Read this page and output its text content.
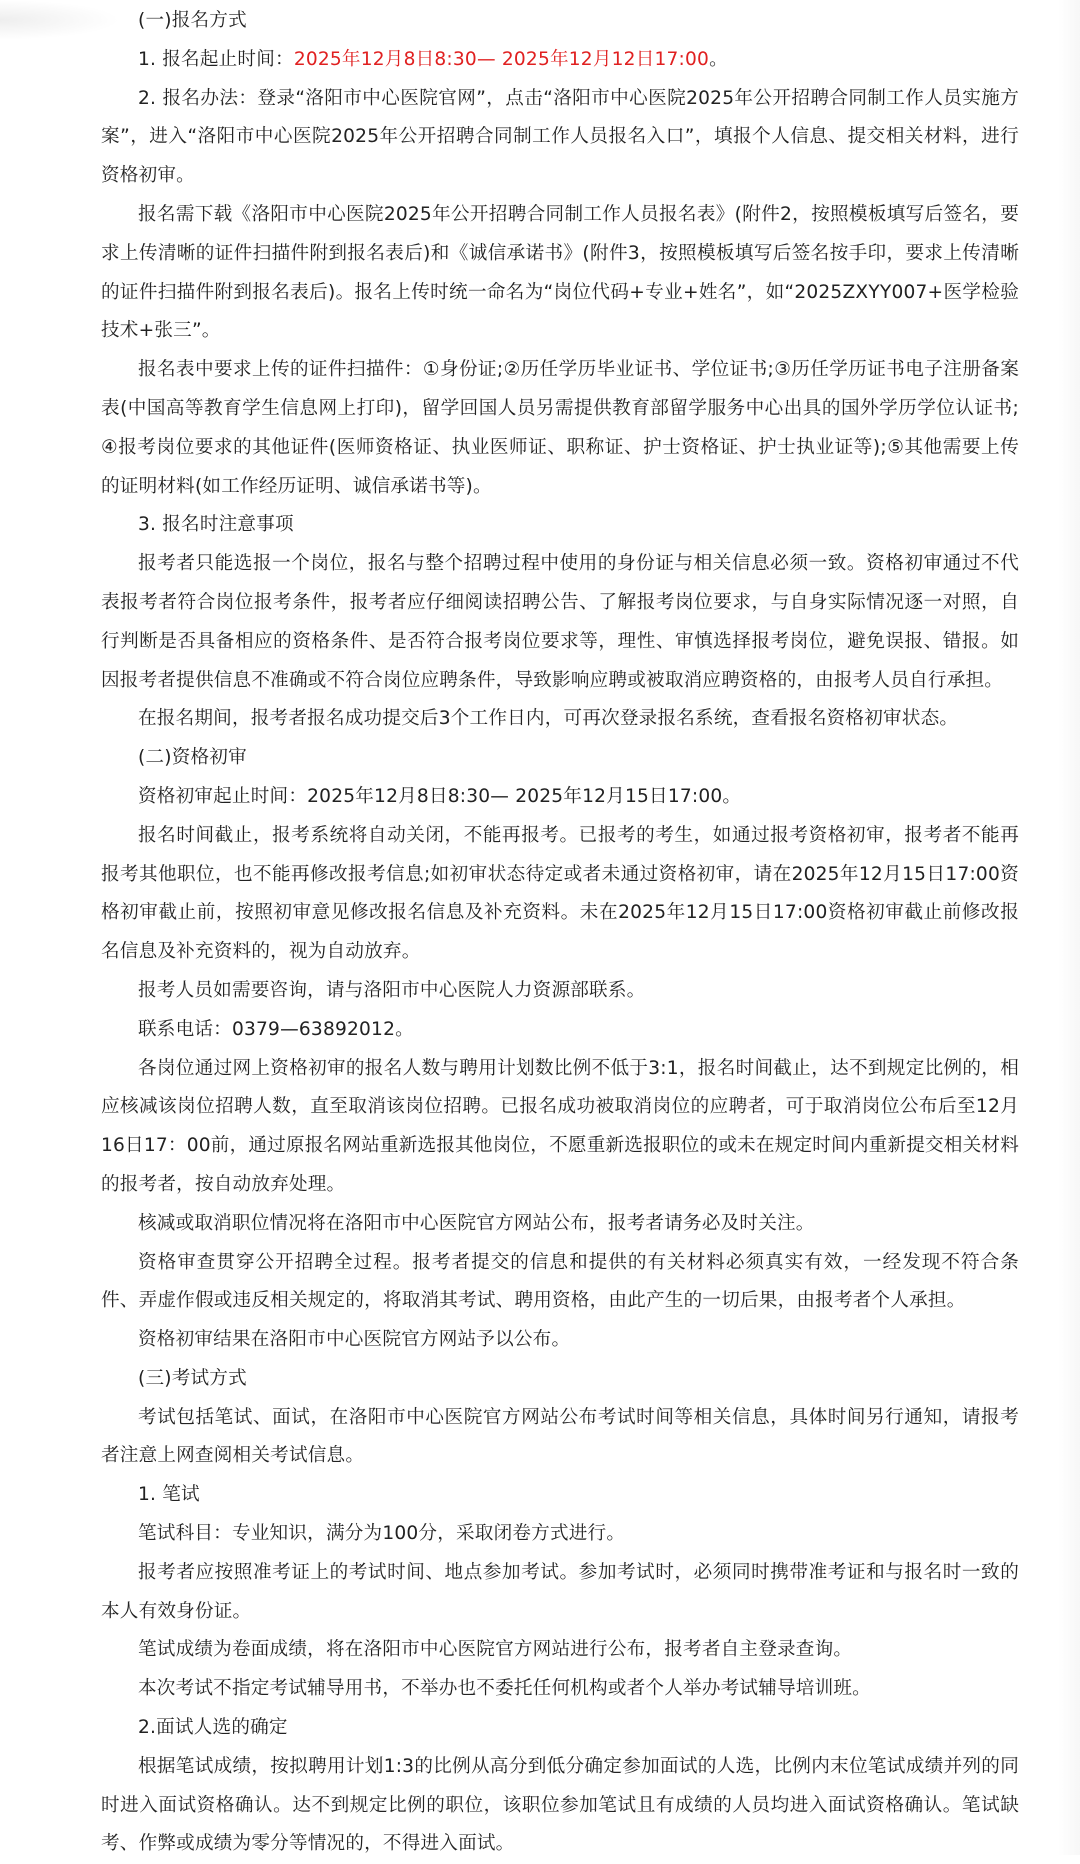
(一)报名方式

1. 报名起止时间：2025年12月8日8:30— 2025年12月12日17:00。

2. 报名办法：登录“洛阳市中心医院官网”，点击“洛阳市中心医院2025年公开招聘合同制工作人员实施方案”，进入“洛阳市中心医院2025年公开招聘合同制工作人员报名入口”，填报个人信息、提交相关材料，进行资格初审。

报名需下载《洛阳市中心医院2025年公开招聘合同制工作人员报名表》(附件2，按照模板填写后签名，要求上传清晰的证件扫描件附到报名表后)和《诚信承诺书》(附件3，按照模板填写后签名按手印，要求上传清晰的证件扫描件附到报名表后)。报名上传时统一命名为“岗位代码+专业+姓名”，如“2025ZXYY007+医学检验技术+张三”。

报名表中要求上传的证件扫描件：①身份证;②历任学历毕业证书、学位证书;③历任学历证书电子注册备案表(中国高等教育学生信息网上打印)，留学回国人员另需提供教育部留学服务中心出具的国外学历学位认证书;④报考岗位要求的其他证件(医师资格证、执业医师证、职称证、护士资格证、护士执业证等);⑤其他需要上传的证明材料(如工作经历证明、诚信承诺书等)。

3. 报名时注意事项

报考者只能选报一个岗位，报名与整个招聘过程中使用的身份证与相关信息必须一致。资格初审通过不代表报考者符合岗位报考条件，报考者应仔细阅读招聘公告、了解报考岗位要求，与自身实际情况逐一对照，自行判断是否具备相应的资格条件、是否符合报考岗位要求等，理性、审慎选择报考岗位，避免误报、错报。如因报考者提供信息不准确或不符合岗位应聘条件，导致影响应聘或被取消应聘资格的，由报考人员自行承担。

在报名期间，报考者报名成功提交后3个工作日内，可再次登录报名系统，查看报名资格初审状态。

(二)资格初审

资格初审起止时间：2025年12月8日8:30— 2025年12月15日17:00。

报名时间截止，报考系统将自动关闭，不能再报考。已报考的考生，如通过报考资格初审，报考者不能再报考其他职位，也不能再修改报考信息;如初审状态待定或者未通过资格初审，请在2025年12月15日17:00资格初审截止前，按照初审意见修改报名信息及补充资料。未在2025年12月15日17:00资格初审截止前修改报名信息及补充资料的，视为自动放弃。

报考人员如需要咨询，请与洛阳市中心医院人力资源部联系。

联系电话：0379—63892012。

各岗位通过网上资格初审的报名人数与聘用计划数比例不低于3:1，报名时间截止，达不到规定比例的，相应核减该岗位招聘人数，直至取消该岗位招聘。已报名成功被取消岗位的应聘者，可于取消岗位公布后至12月16日17：00前，通过原报名网站重新选报其他岗位，不愿重新选报职位的或未在规定时间内重新提交相关材料的报考者，按自动放弃处理。

核减或取消职位情况将在洛阳市中心医院官方网站公布，报考者请务必及时关注。

资格审查贯穿公开招聘全过程。报考者提交的信息和提供的有关材料必须真实有效，一经发现不符合条件、弄虚作假或违反相关规定的，将取消其考试、聘用资格，由此产生的一切后果，由报考者个人承担。

资格初审结果在洛阳市中心医院官方网站予以公布。

(三)考试方式

考试包括笔试、面试，在洛阳市中心医院官方网站公布考试时间等相关信息，具体时间另行通知，请报考者注意上网查阅相关考试信息。

1. 笔试

笔试科目：专业知识，满分为100分，采取闭卷方式进行。

报考者应按照准考证上的考试时间、地点参加考试。参加考试时，必须同时携带准考证和与报名时一致的本人有效身份证。

笔试成绩为卷面成绩，将在洛阳市中心医院官方网站进行公布，报考者自主登录查询。

本次考试不指定考试辅导用书，不举办也不委托任何机构或者个人举办考试辅导培训班。

2.面试人选的确定

根据笔试成绩，按拟聘用计划1:3的比例从高分到低分确定参加面试的人选，比例内末位笔试成绩并列的同时进入面试资格确认。达不到规定比例的职位，该职位参加笔试且有成绩的人员均进入面试资格确认。笔试缺考、作弊或成绩为零分等情况的，不得进入面试。
